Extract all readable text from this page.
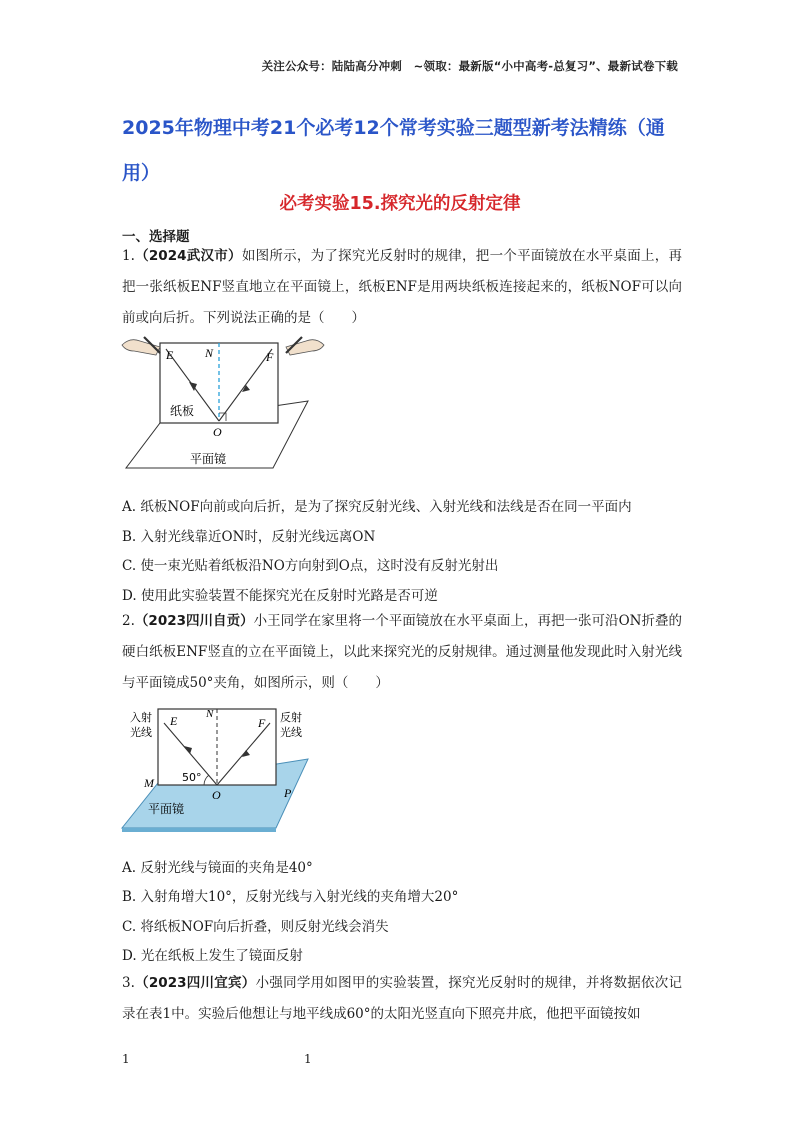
关注公众号：陆陆高分冲刺　~领取：最新版“小中高考-总复习”、最新试卷下载
2025年物理中考21个必考12个常考实验三题型新考法精练（通用）
必考实验15.探究光的反射定律
一、选择题
1.（2024武汉市）如图所示，为了探究光反射时的规律，把一个平面镜放在水平桌面上，再把一张纸板ENF竖直地立在平面镜上，纸板ENF是用两块纸板连接起来的，纸板NOF可以向前或向后折。下列说法正确的是（　　）
E	N	F
O
纸板
平面镜
A. 纸板NOF向前或向后折，是为了探究反射光线、入射光线和法线是否在同一平面内
B. 入射光线靠近ON时，反射光线远离ON
C. 使一束光贴着纸板沿NO方向射到O点，这时没有反射光射出
D. 使用此实验装置不能探究光在反射时光路是否可逆
2.（2023四川自贡）小王同学在家里将一个平面镜放在水平桌面上，再把一张可沿ON折叠的硬白纸板ENF竖直的立在平面镜上，以此来探究光的反射规律。通过测量他发现此时入射光线与平面镜成50°夹角，如图所示，则（　　）
入射
光线
反射
光线
E	N
F
O
M
P
50°
平面镜
A. 反射光线与镜面的夹角是40°
B. 入射角增大10°，反射光线与入射光线的夹角增大20°
C. 将纸板NOF向后折叠，则反射光线会消失
D. 光在纸板上发生了镜面反射
3.（2023四川宜宾）小强同学用如图甲的实验装置，探究光反射时的规律，并将数据依次记录在表1中。实验后他想让与地平线成60°的太阳光竖直向下照亮井底，他把平面镜按如
1	1
